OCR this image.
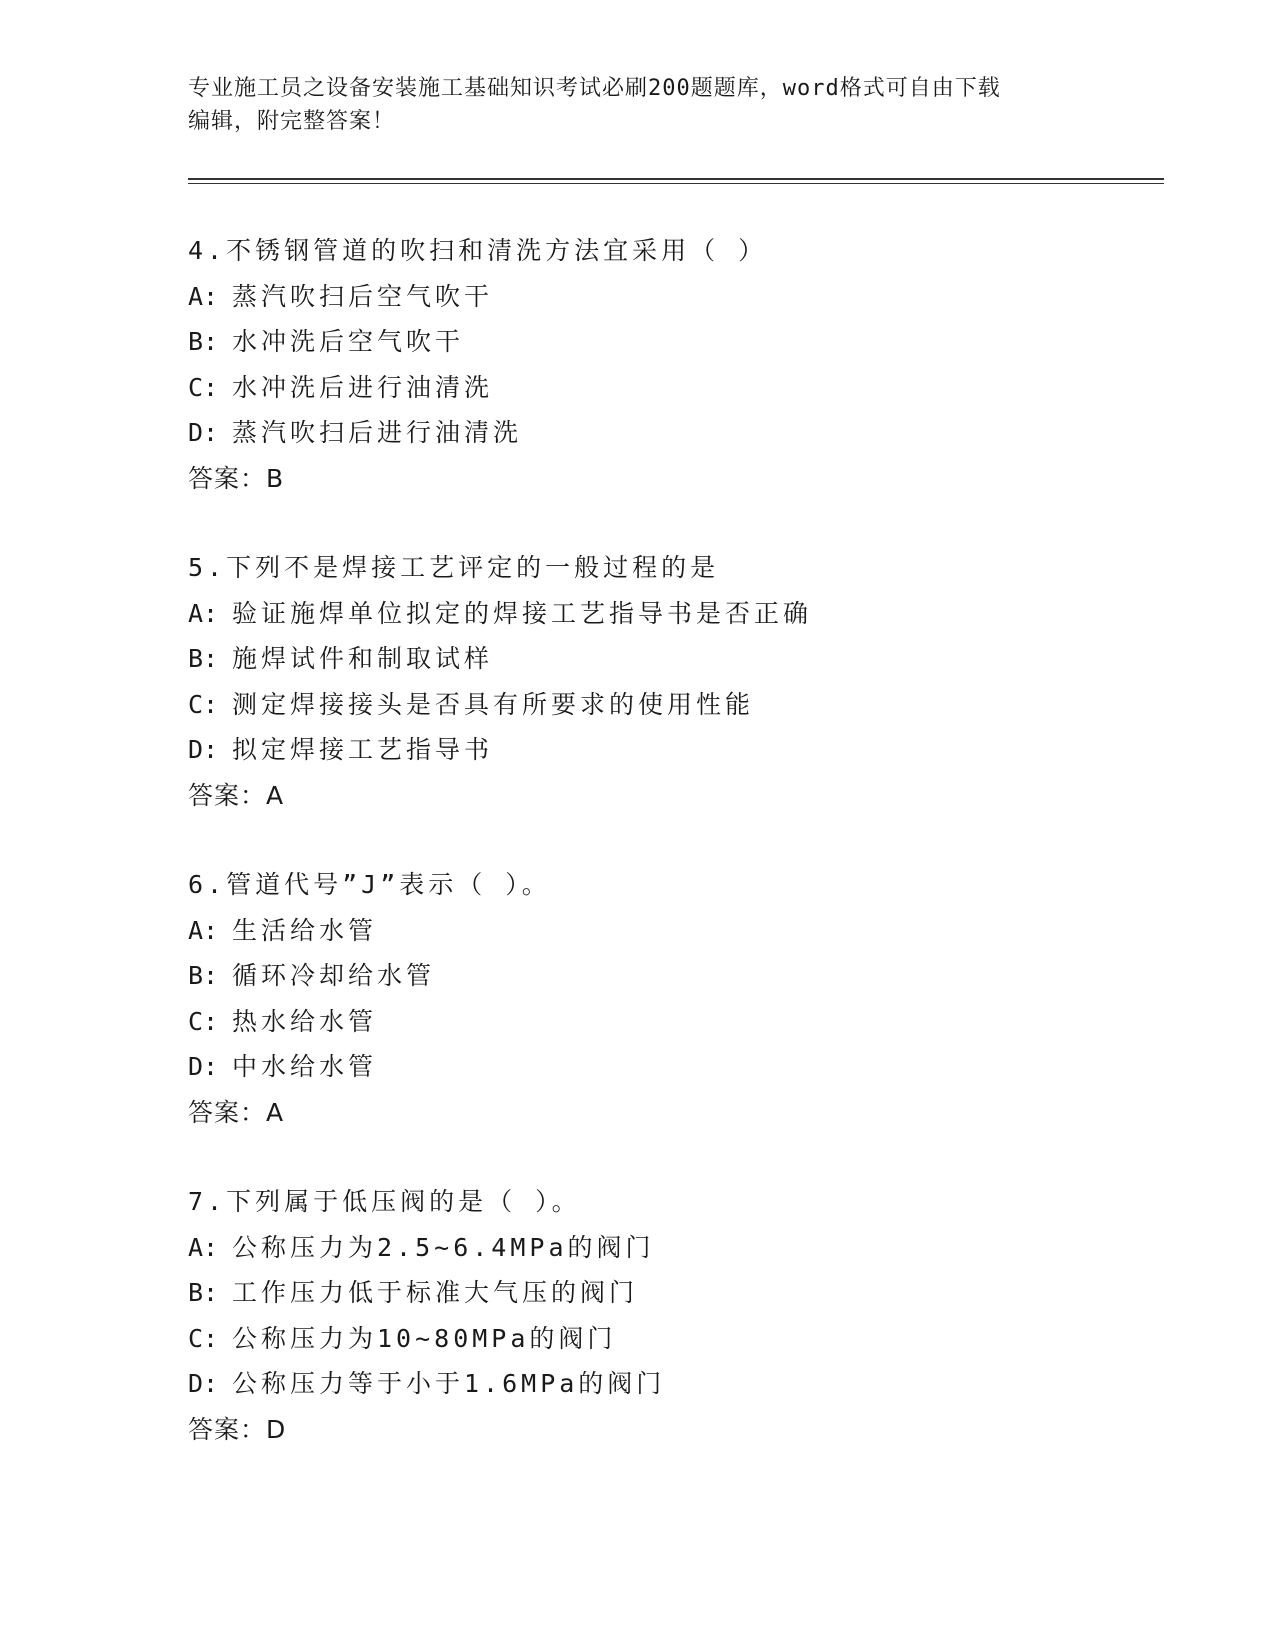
专业施工员之设备安装施工基础知识考试必刷200题题库，word格式可自由下载
编辑，附完整答案！
4.不锈钢管道的吹扫和清洗方法宜采用（ ）
A: 蒸汽吹扫后空气吹干
B: 水冲洗后空气吹干
C: 水冲洗后进行油清洗
D: 蒸汽吹扫后进行油清洗
答案：B
5.下列不是焊接工艺评定的一般过程的是
A: 验证施焊单位拟定的焊接工艺指导书是否正确
B: 施焊试件和制取试样
C: 测定焊接接头是否具有所要求的使用性能
D: 拟定焊接工艺指导书
答案：A
6.管道代号”J”表示（ ）。
A: 生活给水管
B: 循环冷却给水管
C: 热水给水管
D: 中水给水管
答案：A
7.下列属于低压阀的是（ ）。
A: 公称压力为2.5~6.4MPa的阀门
B: 工作压力低于标准大气压的阀门
C: 公称压力为10~80MPa的阀门
D: 公称压力等于小于1.6MPa的阀门
答案：D
